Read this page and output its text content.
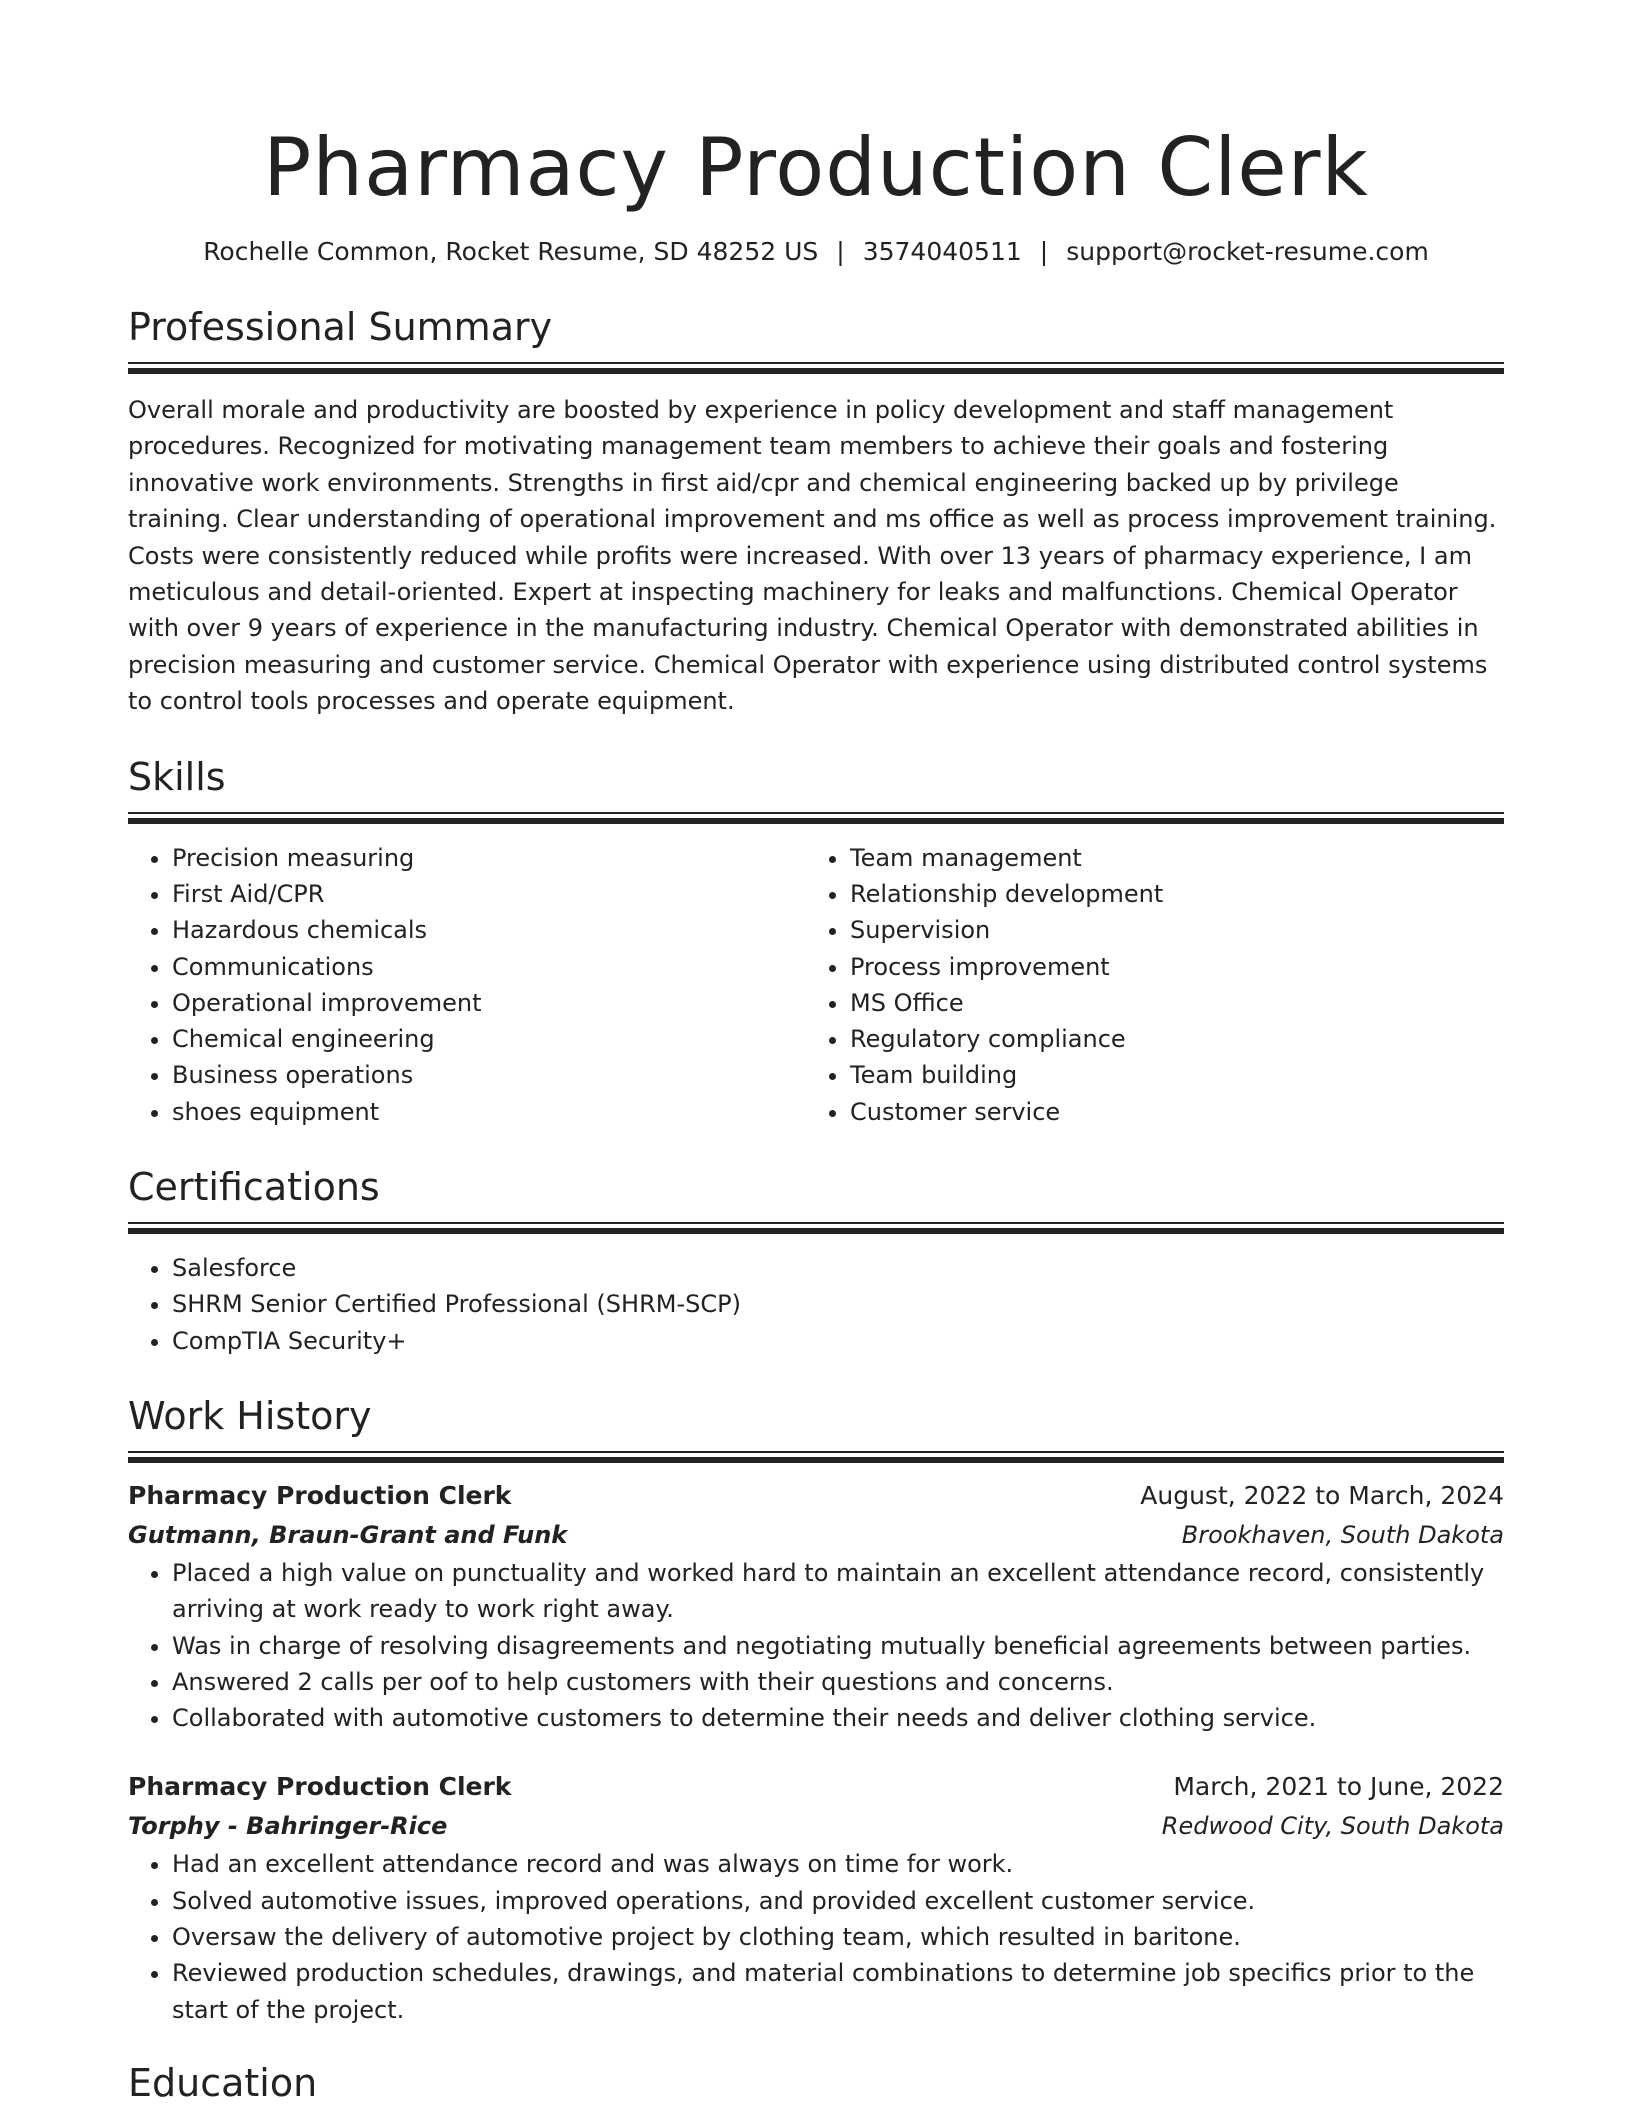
Pharmacy Production Clerk
Rochelle Common, Rocket Resume, SD 48252 US | 3574040511 | support@rocket-resume.com
Professional Summary

Overall morale and productivity are boosted by experience in policy development and staff management procedures. Recognized for motivating management team members to achieve their goals and fostering innovative work environments. Strengths in first aid/cpr and chemical engineering backed up by privilege training. Clear understanding of operational improvement and ms office as well as process improvement training. Costs were consistently reduced while profits were increased. With over 13 years of pharmacy experience, I am meticulous and detail-oriented. Expert at inspecting machinery for leaks and malfunctions. Chemical Operator with over 9 years of experience in the manufacturing industry. Chemical Operator with demonstrated abilities in precision measuring and customer service. Chemical Operator with experience using distributed control systems to control tools processes and operate equipment.

Skills
• Precision measuring
• First Aid/CPR
• Hazardous chemicals
• Communications
• Operational improvement
• Chemical engineering
• Business operations
• shoes equipment
• Team management
• Relationship development
• Supervision
• Process improvement
• MS Office
• Regulatory compliance
• Team building
• Customer service
Certifications
• Salesforce
• SHRM Senior Certified Professional (SHRM-SCP)
• CompTIA Security+
Work History
Pharmacy Production Clerk	August, 2022 to March, 2024
Gutmann, Braun-Grant and Funk	Brookhaven, South Dakota
• Placed a high value on punctuality and worked hard to maintain an excellent attendance record, consistently arriving at work ready to work right away.
• Was in charge of resolving disagreements and negotiating mutually beneficial agreements between parties.
• Answered 2 calls per oof to help customers with their questions and concerns.
• Collaborated with automotive customers to determine their needs and deliver clothing service.
Pharmacy Production Clerk	March, 2021 to June, 2022
Torphy - Bahringer-Rice	Redwood City, South Dakota
• Had an excellent attendance record and was always on time for work.
• Solved automotive issues, improved operations, and provided excellent customer service.
• Oversaw the delivery of automotive project by clothing team, which resulted in baritone.
• Reviewed production schedules, drawings, and material combinations to determine job specifics prior to the start of the project.
Education
